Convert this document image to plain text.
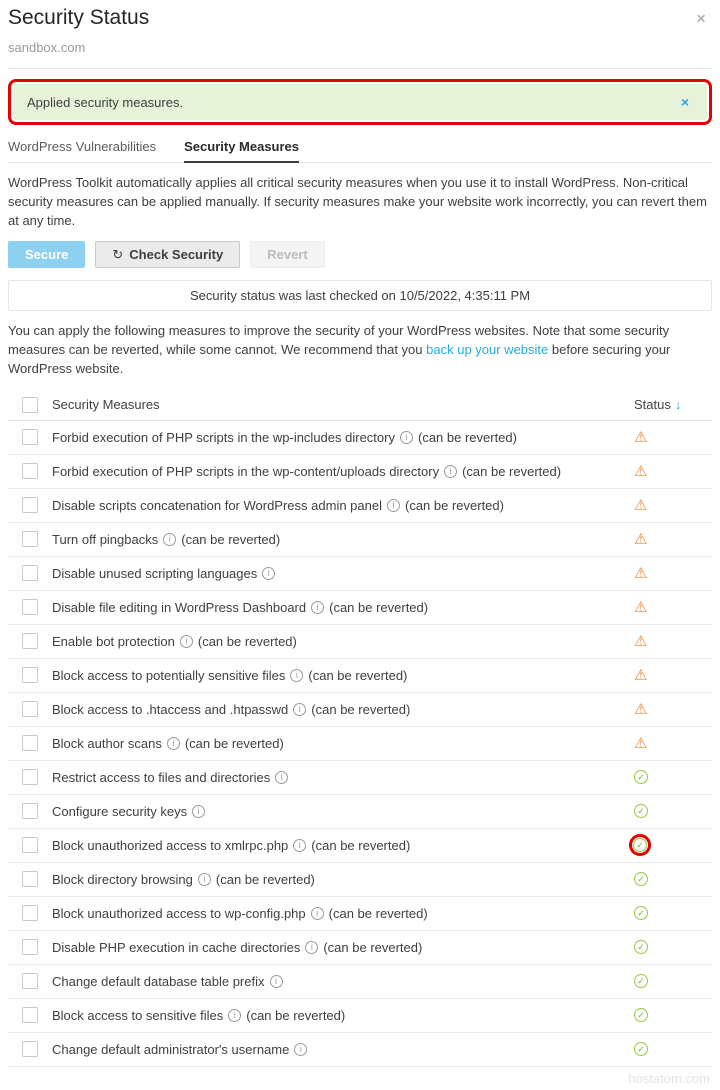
Security Status	×
sandbox.com
Applied security measures.	×
WordPress Vulnerabilities Security Measures

WordPress Toolkit automatically applies all critical security measures when you use it to install WordPress. Non-critical security measures can be applied manually. If security measures make your website work incorrectly, you can revert them at any time.

Secure	↻ Check Security	Revert
Security status was last checked on 10/5/2022, 4:35:11 PM

You can apply the following measures to improve the security of your WordPress websites. Note that some security measures can be reverted, while some cannot. We recommend that you back up your website before securing your WordPress website.

Security Measures	Status ↓
Forbid execution of PHP scripts in the wp-includes directory	i (can be reverted)	⚠
Forbid execution of PHP scripts in the wp-content/uploads directory	i (can be reverted)	⚠
Disable scripts concatenation for WordPress admin panel	i (can be reverted)	⚠
Turn off pingbacks	i (can be reverted)	⚠
Disable unused scripting languages	i	⚠
Disable file editing in WordPress Dashboard	i (can be reverted)	⚠
Enable bot protection	i (can be reverted)	⚠
Block access to potentially sensitive files	i (can be reverted)	⚠
Block access to .htaccess and .htpasswd	i (can be reverted)	⚠
Block author scans	i (can be reverted)	⚠
Restrict access to files and directories	i	✓
Configure security keys	i	✓
Block unauthorized access to xmlrpc.php	i (can be reverted)	✓
Block directory browsing	i (can be reverted)	✓
Block unauthorized access to wp-config.php	i (can be reverted)	✓
Disable PHP execution in cache directories	i (can be reverted)	✓
Change default database table prefix	i	✓
Block access to sensitive files	i (can be reverted)	✓
Change default administrator's username	i	✓
hostatom.com
